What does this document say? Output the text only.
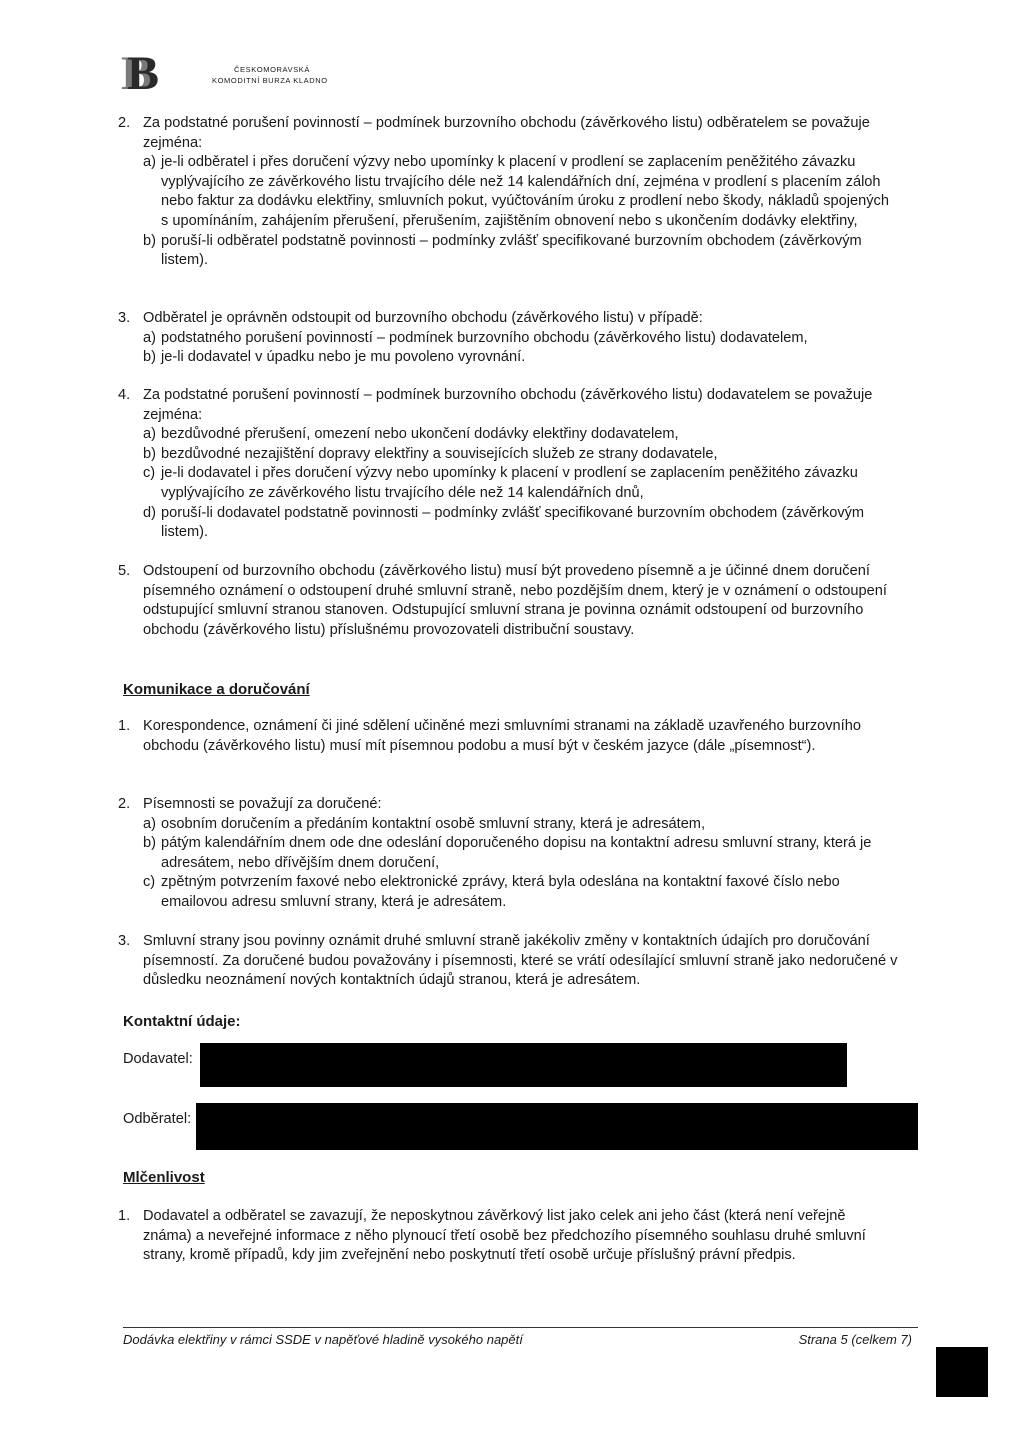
B	ČESKOMORAVSKÁ
KOMODITNÍ BURZA KLADNO
2. Za podstatné porušení povinností – podmínek burzovního obchodu (závěrkového listu) odběratelem se považuje zejména:
a) je-li odběratel i přes doručení výzvy nebo upomínky k placení v prodlení se zaplacením peněžitého závazku vyplývajícího ze závěrkového listu trvajícího déle než 14 kalendářních dní, zejména v prodlení s placením záloh nebo faktur za dodávku elektřiny, smluvních pokut, vyúčtováním úroku z prodlení nebo škody, nákladů spojených s upomínáním, zahájením přerušení, přerušením, zajištěním obnovení nebo s ukončením dodávky elektřiny,
b) poruší-li odběratel podstatně povinnosti – podmínky zvlášť specifikované burzovním obchodem (závěrkovým listem).
3. Odběratel je oprávněn odstoupit od burzovního obchodu (závěrkového listu) v případě:
a) podstatného porušení povinností – podmínek burzovního obchodu (závěrkového listu) dodavatelem,
b) je-li dodavatel v úpadku nebo je mu povoleno vyrovnání.
4. Za podstatné porušení povinností – podmínek burzovního obchodu (závěrkového listu) dodavatelem se považuje zejména:
a) bezdůvodné přerušení, omezení nebo ukončení dodávky elektřiny dodavatelem,
b) bezdůvodné nezajištění dopravy elektřiny a souvisejících služeb ze strany dodavatele,
c) je-li dodavatel i přes doručení výzvy nebo upomínky k placení v prodlení se zaplacením peněžitého závazku vyplývajícího ze závěrkového listu trvajícího déle než 14 kalendářních dnů,
d) poruší-li dodavatel podstatně povinnosti – podmínky zvlášť specifikované burzovním obchodem (závěrkovým listem).
5. Odstoupení od burzovního obchodu (závěrkového listu) musí být provedeno písemně a je účinné dnem doručení písemného oznámení o odstoupení druhé smluvní straně, nebo pozdějším dnem, který je v oznámení o odstoupení odstupující smluvní stranou stanoven. Odstupující smluvní strana je povinna oznámit odstoupení od burzovního obchodu (závěrkového listu) příslušnému provozovateli distribuční soustavy.
Komunikace a doručování
1. Korespondence, oznámení či jiné sdělení učiněné mezi smluvními stranami na základě uzavřeného burzovního obchodu (závěrkového listu) musí mít písemnou podobu a musí být v českém jazyce (dále „písemnost“).
2. Písemnosti se považují za doručené:
a) osobním doručením a předáním kontaktní osobě smluvní strany, která je adresátem,
b) pátým kalendářním dnem ode dne odeslání doporučeného dopisu na kontaktní adresu smluvní strany, která je adresátem, nebo dřívějším dnem doručení,
c) zpětným potvrzením faxové nebo elektronické zprávy, která byla odeslána na kontaktní faxové číslo nebo emailovou adresu smluvní strany, která je adresátem.
3. Smluvní strany jsou povinny oznámit druhé smluvní straně jakékoliv změny v kontaktních údajích pro doručování písemností. Za doručené budou považovány i písemnosti, které se vrátí odesílající smluvní straně jako nedoručené v důsledku neoznámení nových kontaktních údajů stranou, která je adresátem.
Kontaktní údaje:
Dodavatel:
Odběratel:
Mlčenlivost
1. Dodavatel a odběratel se zavazují, že neposkytnou závěrkový list jako celek ani jeho část (která není veřejně známa) a neveřejné informace z něho plynoucí třetí osobě bez předchozího písemného souhlasu druhé smluvní strany, kromě případů, kdy jim zveřejnění nebo poskytnutí třetí osobě určuje příslušný právní předpis.
Dodávka elektřiny v rámci SSDE v napěťové hladině vysokého napětí	Strana 5 (celkem 7)
